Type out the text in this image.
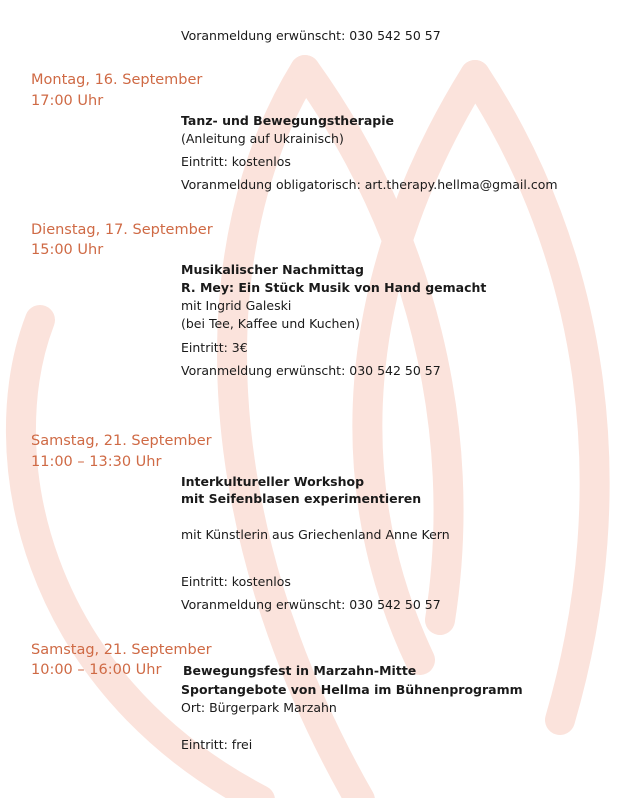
Voranmeldung erwünscht: 030 542 50 57
Montag, 16. September
17:00 Uhr
Tanz- und Bewegungstherapie
(Anleitung auf Ukrainisch)
Eintritt: kostenlos
Voranmeldung obligatorisch: art.therapy.hellma@gmail.com
Dienstag, 17. September
15:00 Uhr
Musikalischer Nachmittag
R. Mey: Ein Stück Musik von Hand gemacht
mit Ingrid Galeski
(bei Tee, Kaffee und Kuchen)
Eintritt: 3€
Voranmeldung erwünscht: 030 542 50 57
Samstag, 21. September
11:00 – 13:30 Uhr
Interkultureller Workshop
mit Seifenblasen experimentieren
mit Künstlerin aus Griechenland Anne Kern
Eintritt: kostenlos
Voranmeldung erwünscht: 030 542 50 57
Samstag, 21. September
10:00 – 16:00 Uhr Bewegungsfest in Marzahn-Mitte
Sportangebote von Hellma im Bühnenprogramm
Ort: Bürgerpark Marzahn
Eintritt: frei
